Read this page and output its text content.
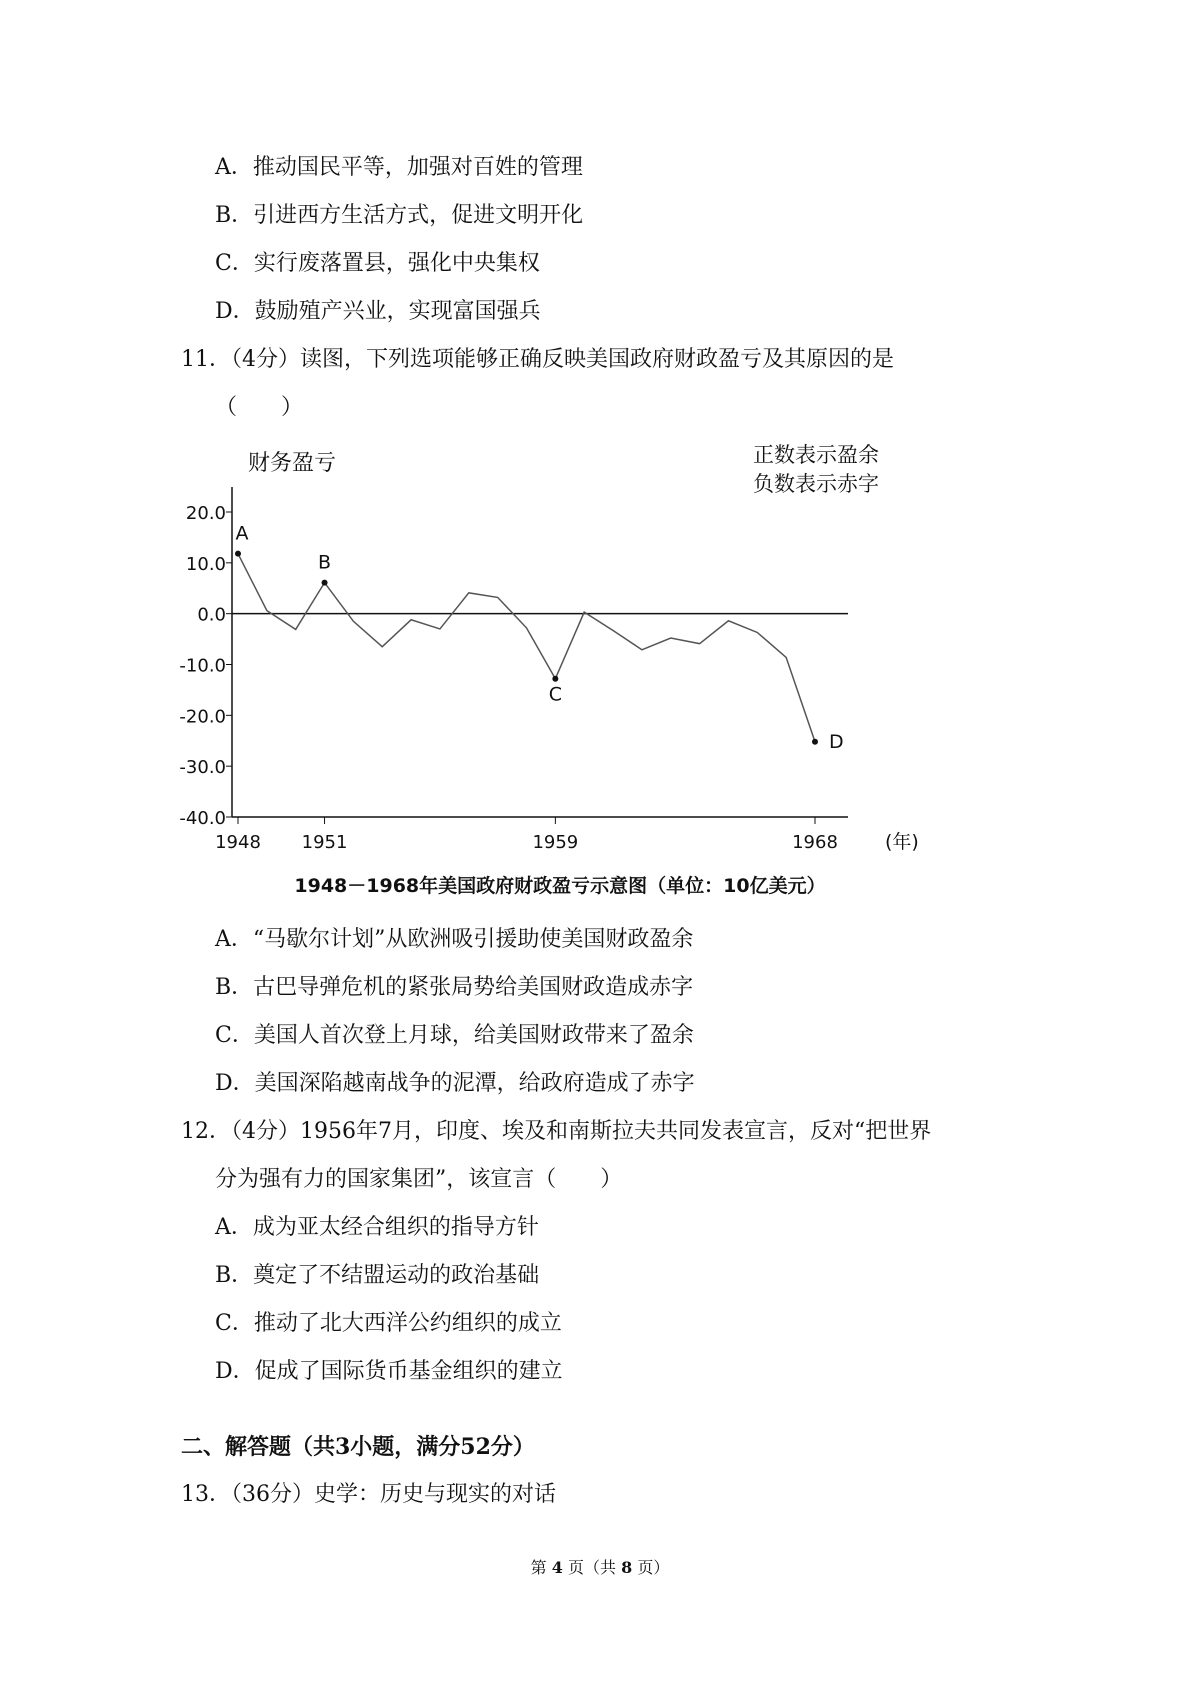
A．推动国民平等，加强对百姓的管理
B．引进西方生活方式，促进文明开化
C．实行废落置县，强化中央集权
D．鼓励殖产兴业，实现富国强兵
11．（4分）读图，下列选项能够正确反映美国政府财政盈亏及其原因的是
（　　）
财务盈亏	正数表示盈余
负数表示赤字
20.0
10.0
0.0
-10.0
-20.0
-30.0
-40.0
1948 1951	1959	1968
A
B
C
D
(年)
1948－1968年美国政府财政盈亏示意图（单位：10亿美元）
A．“马歇尔计划”从欧洲吸引援助使美国财政盈余
B．古巴导弹危机的紧张局势给美国财政造成赤字
C．美国人首次登上月球，给美国财政带来了盈余
D．美国深陷越南战争的泥潭，给政府造成了赤字
12．（4分）1956年7月，印度、埃及和南斯拉夫共同发表宣言，反对“把世界
分为强有力的国家集团”，该宣言（　　）
A．成为亚太经合组织的指导方针
B．奠定了不结盟运动的政治基础
C．推动了北大西洋公约组织的成立
D．促成了国际货币基金组织的建立
二、解答题（共3小题，满分52分）
13．（36分）史学：历史与现实的对话
第 4 页（共 8 页）
